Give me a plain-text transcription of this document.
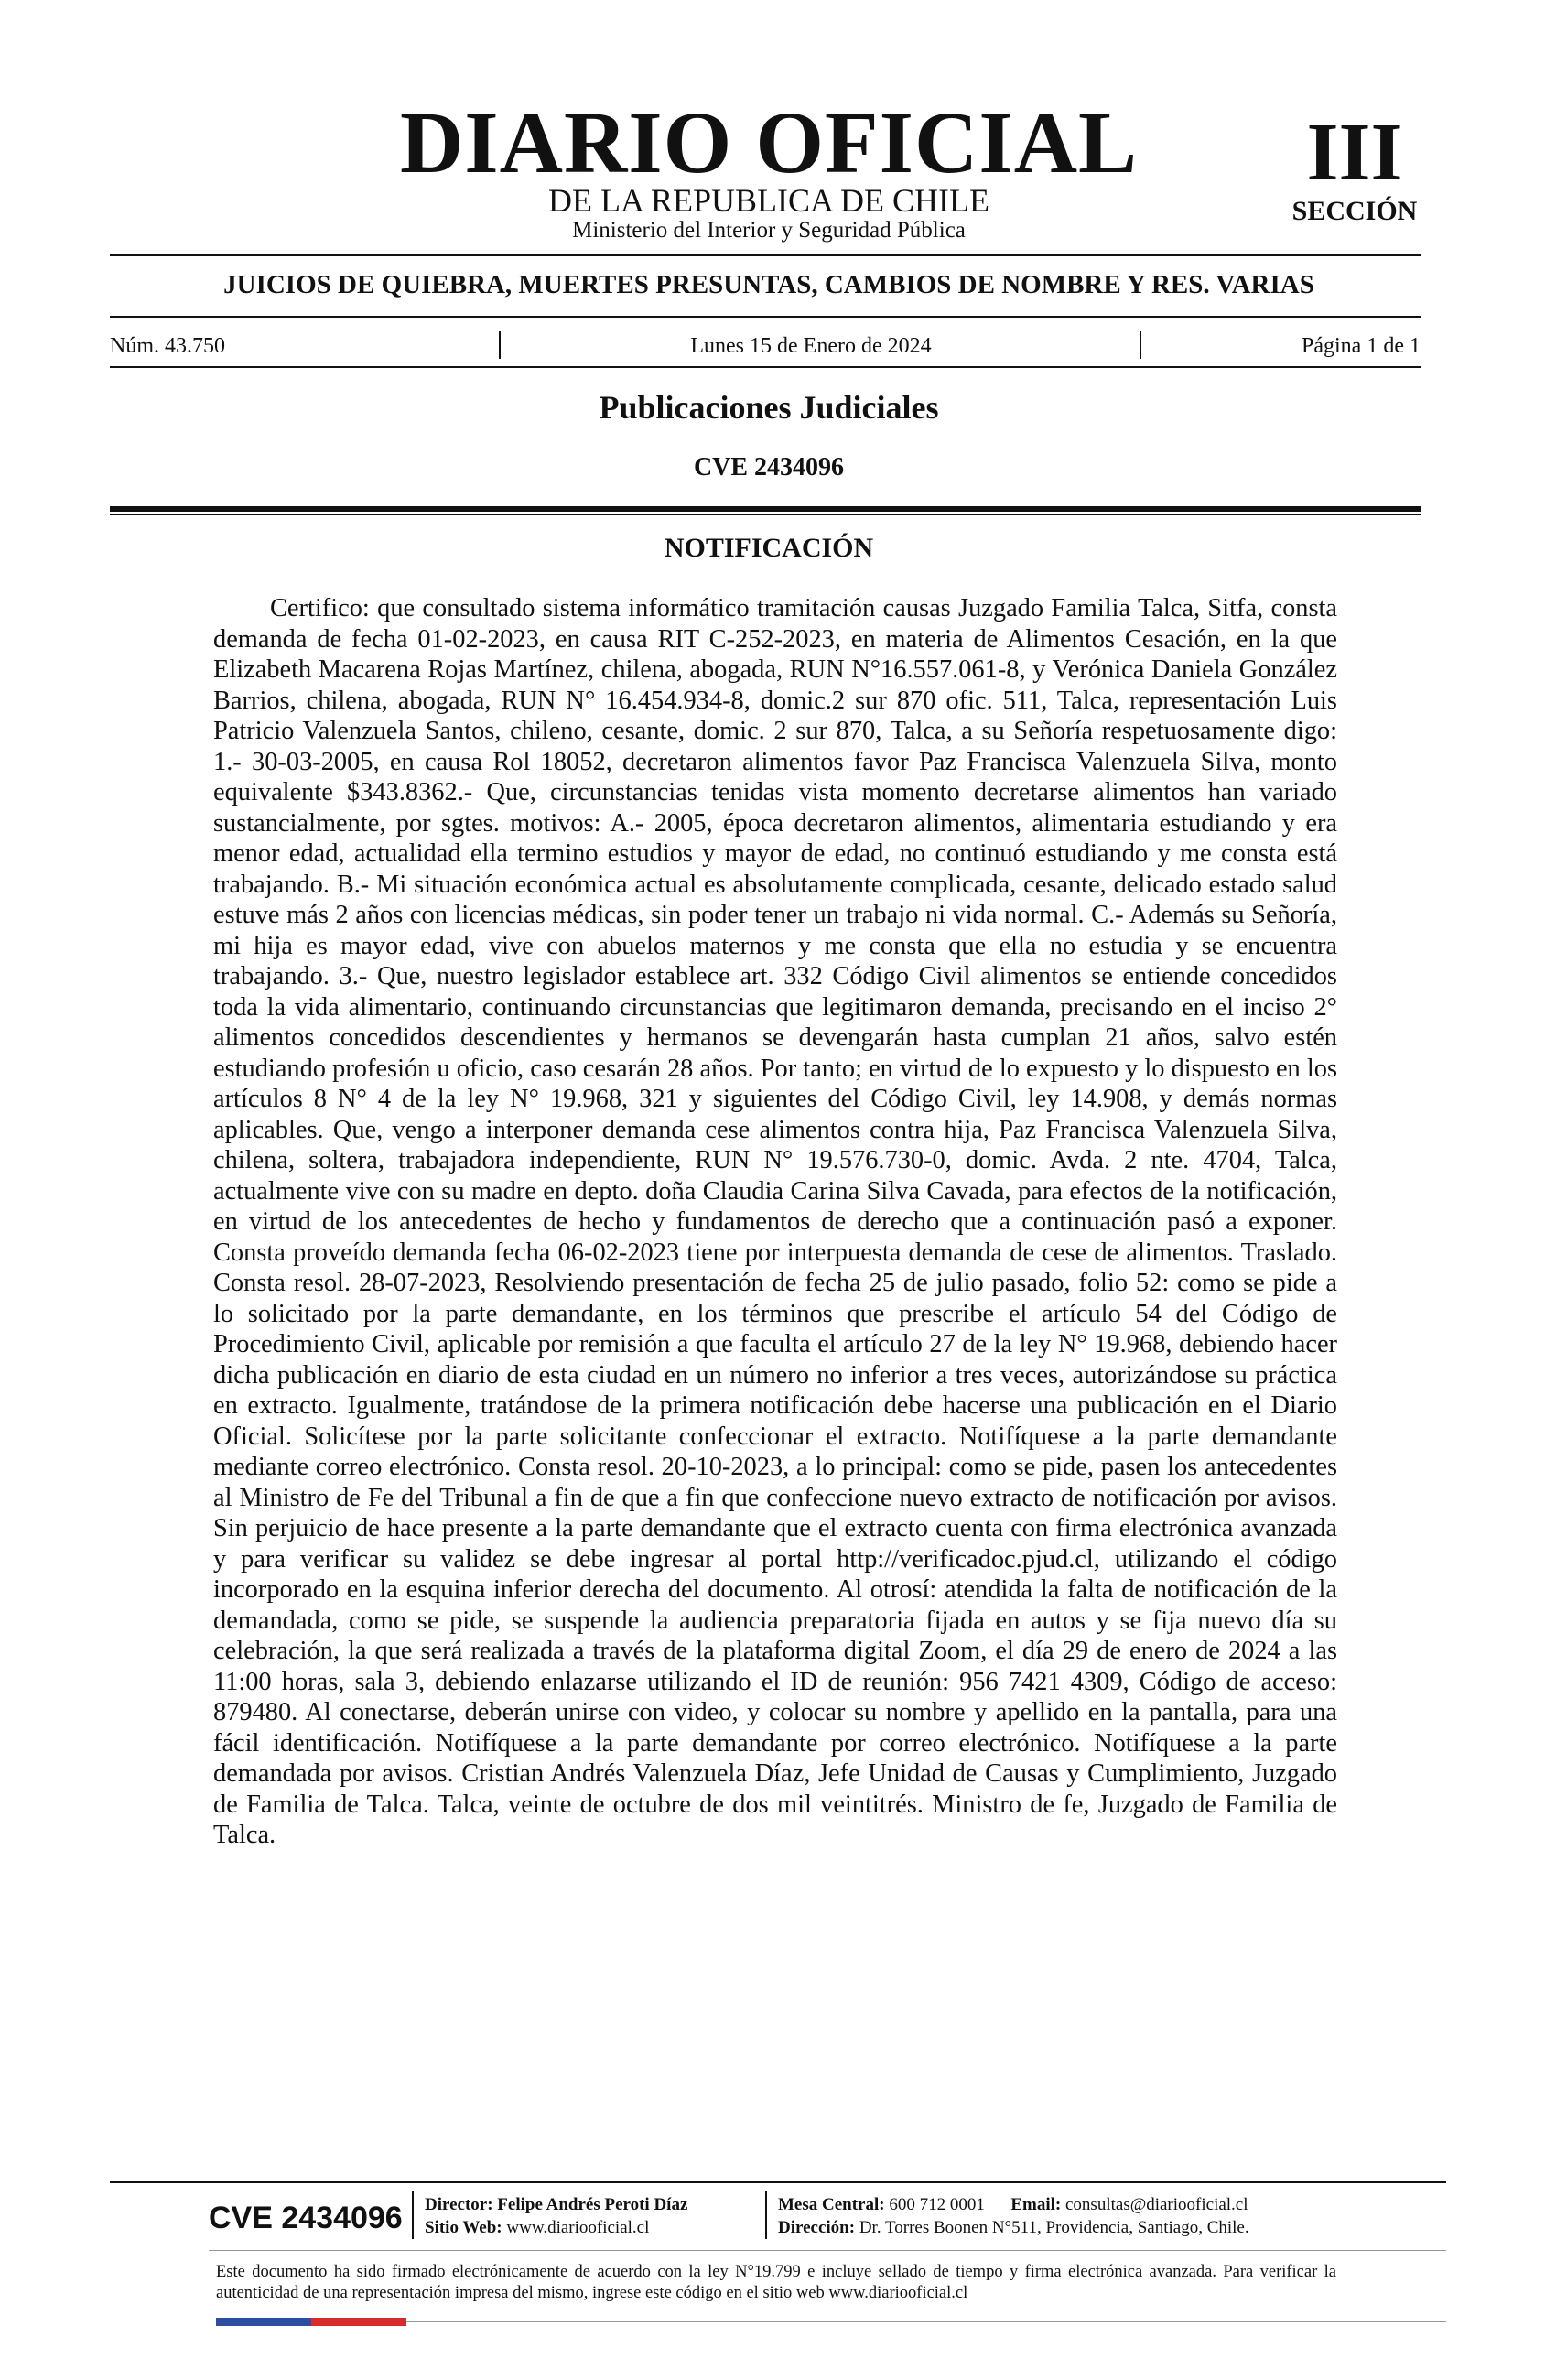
DIARIO OFICIAL
DE LA REPUBLICA DE CHILE
Ministerio del Interior y Seguridad Pública
III
SECCIÓN
JUICIOS DE QUIEBRA, MUERTES PRESUNTAS, CAMBIOS DE NOMBRE Y RES. VARIAS
Núm. 43.750	Lunes 15 de Enero de 2024	Página 1 de 1
Publicaciones Judiciales
CVE 2434096
NOTIFICACIÓN

Certifico: que consultado sistema informático tramitación causas Juzgado Familia Talca, Sitfa, consta demanda de fecha 01-02-2023, en causa RIT C-252-2023, en materia de Alimentos Cesación, en la que Elizabeth Macarena Rojas Martínez, chilena, abogada, RUN N°16.557.061-8, y Verónica Daniela González Barrios, chilena, abogada, RUN N° 16.454.934-8, domic.2 sur 870 ofic. 511, Talca, representación Luis Patricio Valenzuela Santos, chileno, cesante, domic. 2 sur 870, Talca, a su Señoría respetuosamente digo: 1.- 30-03-2005, en causa Rol 18052, decretaron alimentos favor Paz Francisca Valenzuela Silva, monto equivalente $343.8362.- Que, circunstancias tenidas vista momento decretarse alimentos han variado sustancialmente, por sgtes. motivos: A.- 2005, época decretaron alimentos, alimentaria estudiando y era menor edad, actualidad ella termino estudios y mayor de edad, no continuó estudiando y me consta está trabajando. B.- Mi situación económica actual es absolutamente complicada, cesante, delicado estado salud estuve más 2 años con licencias médicas, sin poder tener un trabajo ni vida normal. C.- Además su Señoría, mi hija es mayor edad, vive con abuelos maternos y me consta que ella no estudia y se encuentra trabajando. 3.- Que, nuestro legislador establece art. 332 Código Civil alimentos se entiende concedidos toda la vida alimentario, continuando circunstancias que legitimaron demanda, precisando en el inciso 2° alimentos concedidos descendientes y hermanos se devengarán hasta cumplan 21 años, salvo estén estudiando profesión u oficio, caso cesarán 28 años. Por tanto; en virtud de lo expuesto y lo dispuesto en los artículos 8 N° 4 de la ley N° 19.968, 321 y siguientes del Código Civil, ley 14.908, y demás normas aplicables. Que, vengo a interponer demanda cese alimentos contra hija, Paz Francisca Valenzuela Silva, chilena, soltera, trabajadora independiente, RUN N° 19.576.730-0, domic. Avda. 2 nte. 4704, Talca, actualmente vive con su madre en depto. doña Claudia Carina Silva Cavada, para efectos de la notificación, en virtud de los antecedentes de hecho y fundamentos de derecho que a continuación pasó a exponer. Consta proveído demanda fecha 06-02-2023 tiene por interpuesta demanda de cese de alimentos. Traslado. Consta resol. 28-07-2023, Resolviendo presentación de fecha 25 de julio pasado, folio 52: como se pide a lo solicitado por la parte demandante, en los términos que prescribe el artículo 54 del Código de Procedimiento Civil, aplicable por remisión a que faculta el artículo 27 de la ley N° 19.968, debiendo hacer dicha publicación en diario de esta ciudad en un número no inferior a tres veces, autorizándose su práctica en extracto. Igualmente, tratándose de la primera notificación debe hacerse una publicación en el Diario Oficial. Solicítese por la parte solicitante confeccionar el extracto. Notifíquese a la parte demandante mediante correo electrónico. Consta resol. 20-10-2023, a lo principal: como se pide, pasen los antecedentes al Ministro de Fe del Tribunal a fin de que a fin que confeccione nuevo extracto de notificación por avisos. Sin perjuicio de hace presente a la parte demandante que el extracto cuenta con firma electrónica avanzada y para verificar su validez se debe ingresar al portal http://verificadoc.pjud.cl, utilizando el código incorporado en la esquina inferior derecha del documento. Al otrosí: atendida la falta de notificación de la demandada, como se pide, se suspende la audiencia preparatoria fijada en autos y se fija nuevo día su celebración, la que será realizada a través de la plataforma digital Zoom, el día 29 de enero de 2024 a las 11:00 horas, sala 3, debiendo enlazarse utilizando el ID de reunión: 956 7421 4309, Código de acceso: 879480. Al conectarse, deberán unirse con video, y colocar su nombre y apellido en la pantalla, para una fácil identificación. Notifíquese a la parte demandante por correo electrónico. Notifíquese a la parte demandada por avisos. Cristian Andrés Valenzuela Díaz, Jefe Unidad de Causas y Cumplimiento, Juzgado de Familia de Talca. Talca, veinte de octubre de dos mil veintitrés. Ministro de fe, Juzgado de Familia de Talca.

CVE 2434096	Director: Felipe Andrés Peroti Díaz
Sitio Web: www.diariooficial.cl
Mesa Central: 600 712 0001 Email: consultas@diariooficial.cl
Dirección: Dr. Torres Boonen N°511, Providencia, Santiago, Chile.

Este documento ha sido firmado electrónicamente de acuerdo con la ley N°19.799 e incluye sellado de tiempo y firma electrónica avanzada. Para verificar la autenticidad de una representación impresa del mismo, ingrese este código en el sitio web www.diariooficial.cl
